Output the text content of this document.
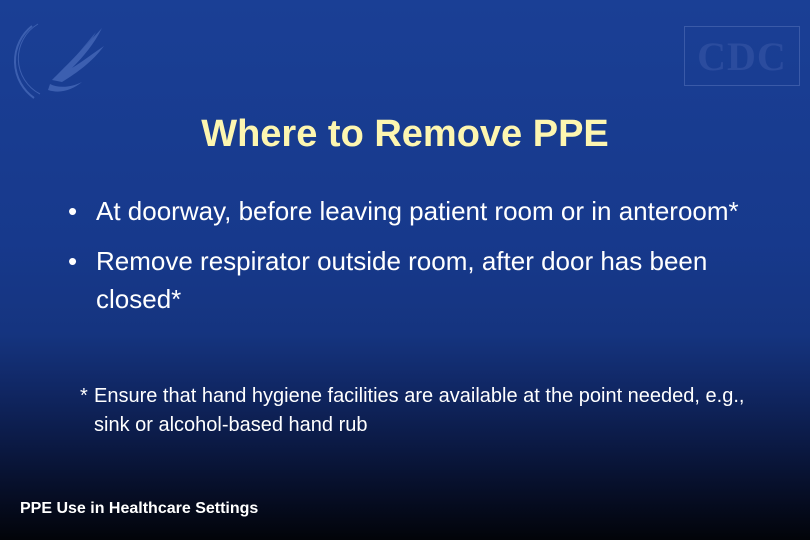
CDC
Where to Remove PPE
• At doorway, before leaving patient room or in anteroom*
• Remove respirator outside room, after door has been closed*
* Ensure that hand hygiene facilities are available at the point needed, e.g., sink or alcohol-based hand rub
PPE Use in Healthcare Settings
